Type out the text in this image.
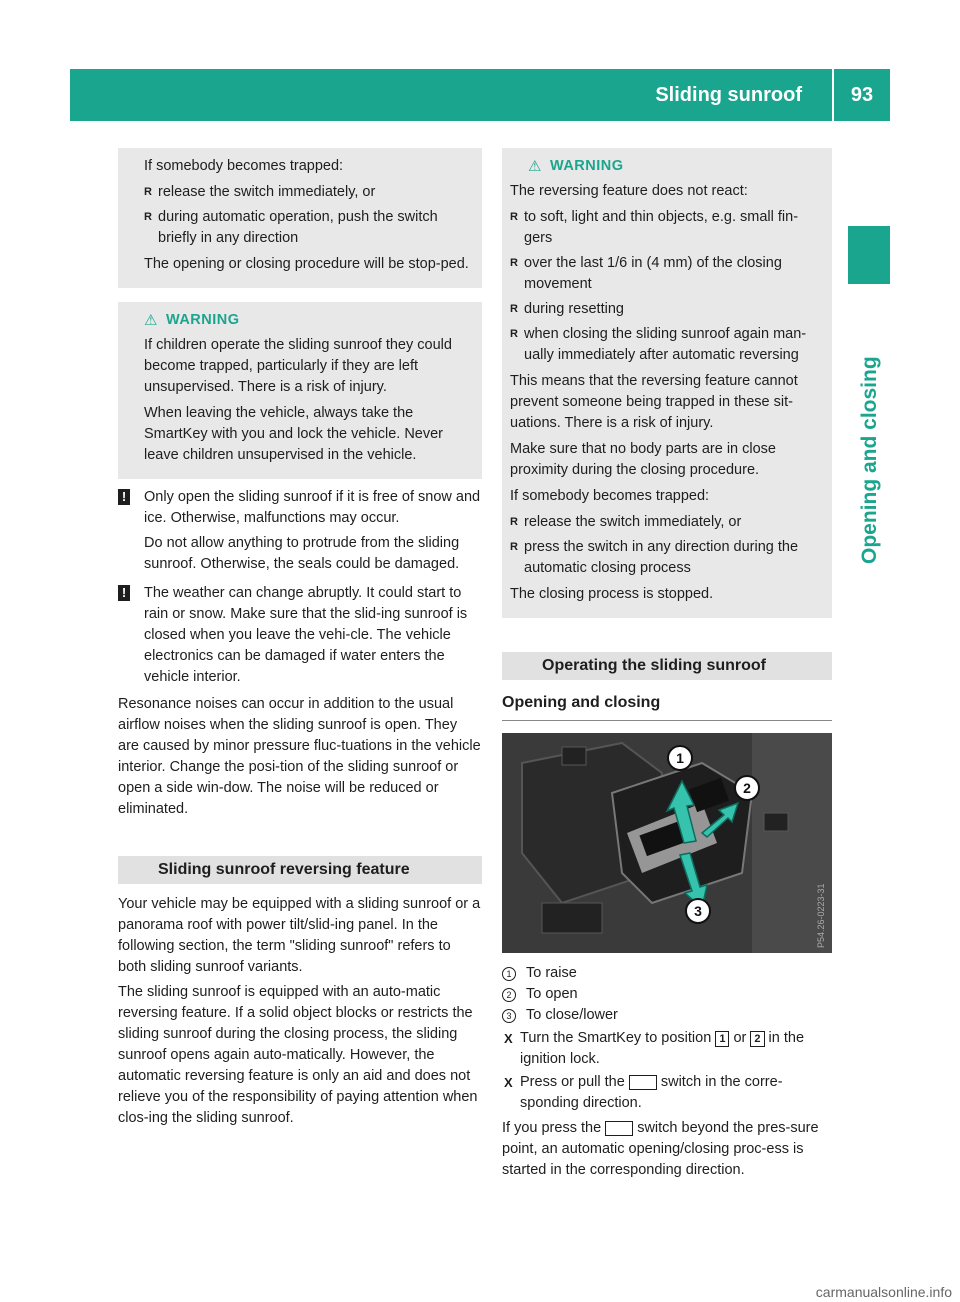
Sliding sunroof	93
Opening and closing

If somebody becomes trapped:

R release the switch immediately, or
R during automatic operation, push the switch briefly in any direction

The opening or closing procedure will be stop-ped.

⚠ WARNING

If children operate the sliding sunroof they could become trapped, particularly if they are left unsupervised. There is a risk of injury.

When leaving the vehicle, always take the SmartKey with you and lock the vehicle. Never leave children unsupervised in the vehicle.

! Only open the sliding sunroof if it is free of snow and ice. Otherwise, malfunctions may occur.

Do not allow anything to protrude from the sliding sunroof. Otherwise, the seals could be damaged.

! The weather can change abruptly. It could start to rain or snow. Make sure that the slid-ing sunroof is closed when you leave the vehi-cle. The vehicle electronics can be damaged if water enters the vehicle interior.

Resonance noises can occur in addition to the usual airflow noises when the sliding sunroof is open. They are caused by minor pressure fluc-tuations in the vehicle interior. Change the posi-tion of the sliding sunroof or open a side win-dow. The noise will be reduced or eliminated.

Sliding sunroof reversing feature

Your vehicle may be equipped with a sliding sunroof or a panorama roof with power tilt/slid-ing panel. In the following section, the term "sliding sunroof" refers to both sliding sunroof variants.

The sliding sunroof is equipped with an auto-matic reversing feature. If a solid object blocks or restricts the sliding sunroof during the closing process, the sliding sunroof opens again auto-matically. However, the automatic reversing feature is only an aid and does not relieve you of the responsibility of paying attention when clos-ing the sliding sunroof.

⚠ WARNING

The reversing feature does not react:

R to soft, light and thin objects, e.g. small fin-gers
R over the last 1/6 in (4 mm) of the closing movement
R during resetting
R when closing the sliding sunroof again man-ually immediately after automatic reversing

This means that the reversing feature cannot prevent someone being trapped in these sit-uations. There is a risk of injury.

Make sure that no body parts are in close proximity during the closing procedure.

If somebody becomes trapped:

R release the switch immediately, or
R press the switch in any direction during the automatic closing process

The closing process is stopped.

Operating the sliding sunroof
Opening and closing
1
2
3	P54.26-0223-31
1	To raise
2	To open
3	To close/lower
X Turn the SmartKey to position 1 or 2 in the ignition lock.
X Press or pull the  switch in the corre-sponding direction.

If you press the  switch beyond the pres-sure point, an automatic opening/closing proc-ess is started in the corresponding direction.

carmanualsonline.info
